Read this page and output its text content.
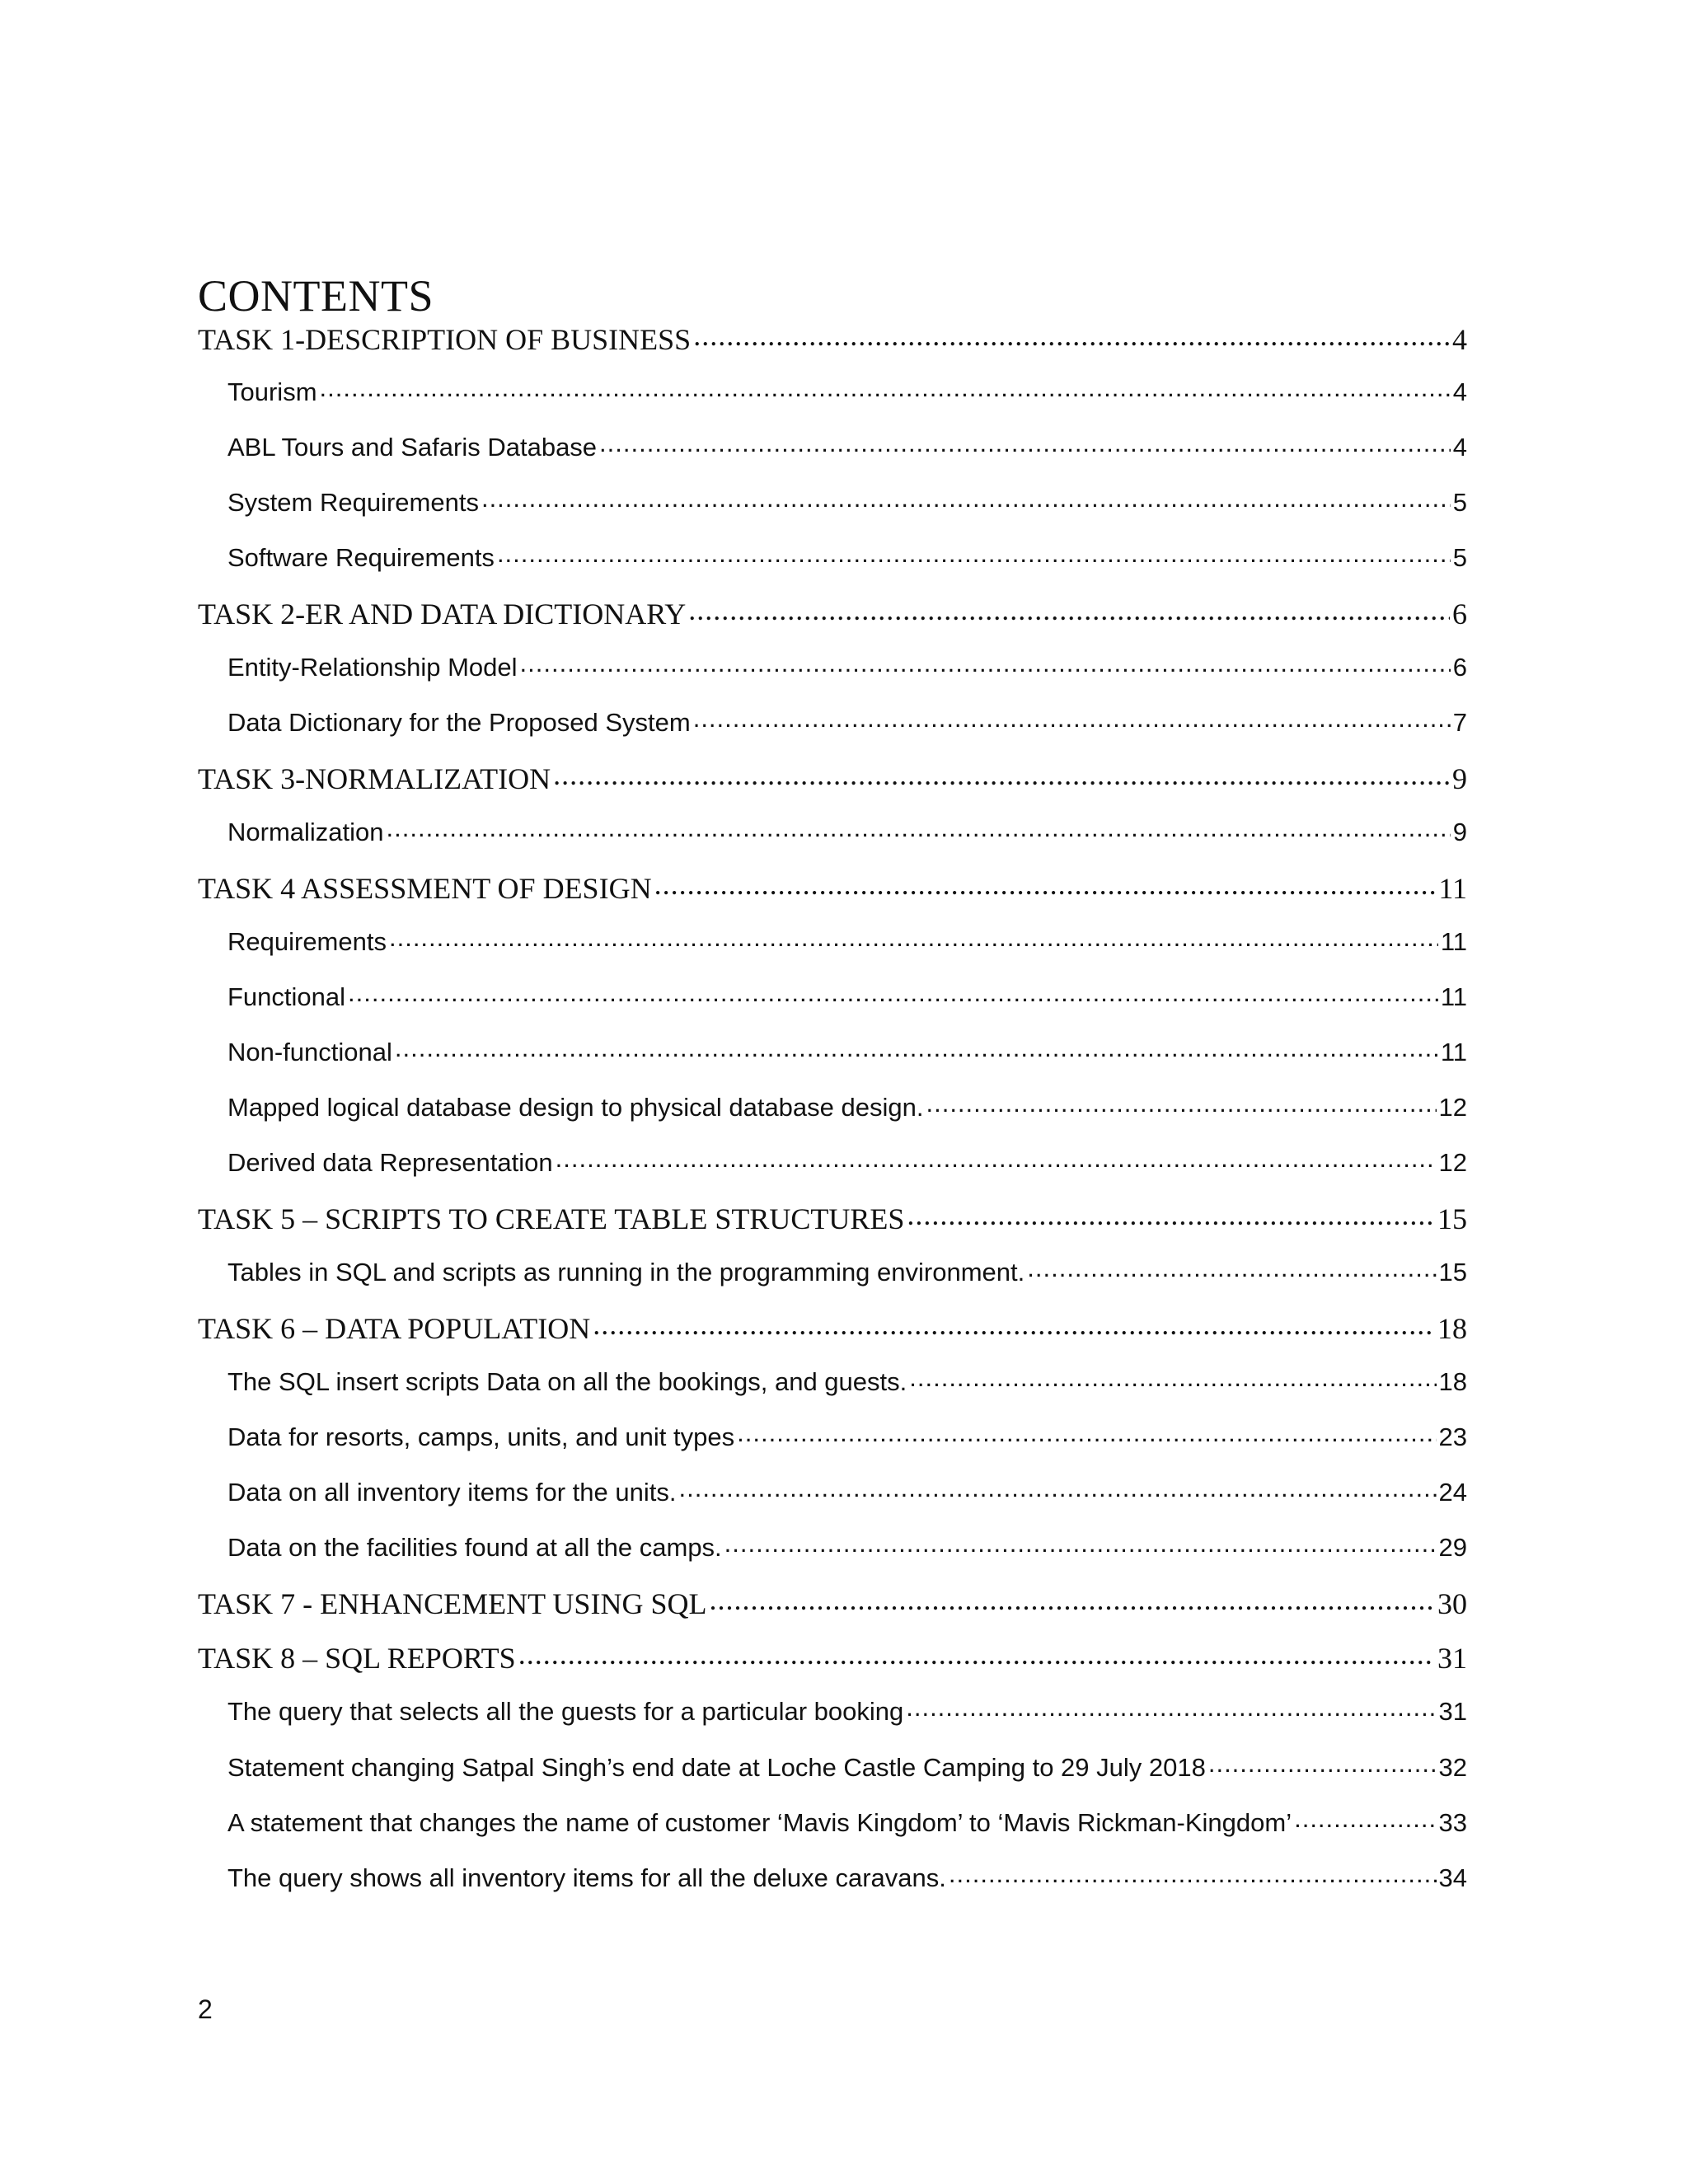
CONTENTS
TASK 1-DESCRIPTION OF BUSINESS .....	4
Tourism .....	4
ABL Tours and Safaris Database .....	4
System Requirements .....	5
Software Requirements .....	5
TASK 2-ER AND DATA DICTIONARY .....	6
Entity-Relationship Model .....	6
Data Dictionary for the Proposed System .....	7
TASK 3-NORMALIZATION .....	9
Normalization .....	9
TASK 4 ASSESSMENT OF DESIGN .....	11
Requirements .....	11
Functional .....	11
Non-functional .....	11
Mapped logical database design to physical database design. .....	12
Derived data Representation .....	12
TASK 5 – SCRIPTS TO CREATE TABLE STRUCTURES .....	15
Tables in SQL and scripts as running in the programming environment. .....	15
TASK 6 – DATA POPULATION .....	18
The SQL insert scripts Data on all the bookings, and guests. .....	18
Data for resorts, camps, units, and unit types .....	23
Data on all inventory items for the units. .....	24
Data on the facilities found at all the camps. .....	29
TASK 7 - ENHANCEMENT USING SQL .....	30
TASK 8 – SQL REPORTS .....	31
The query that selects all the guests for a particular booking .....	31
Statement changing Satpal Singh’s end date at Loche Castle Camping to 29 July 2018 .....	32
A statement that changes the name of customer ‘Mavis Kingdom’ to ‘Mavis Rickman-Kingdom’ .....	33
The query shows all inventory items for all the deluxe caravans. .....	34
2
